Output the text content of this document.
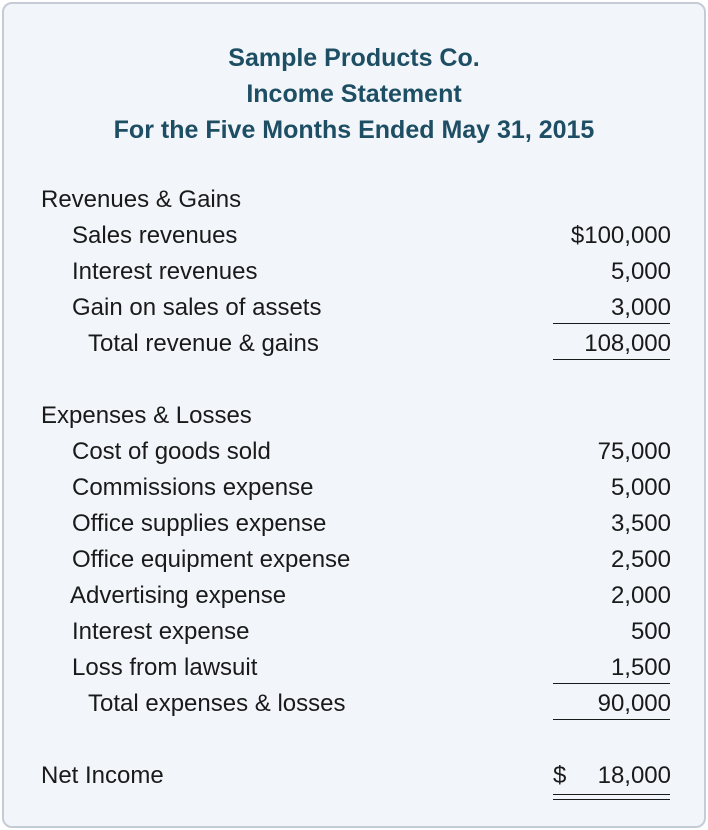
Sample Products Co.
Income Statement
For the Five Months Ended May 31, 2015
Revenues & Gains
Sales revenues	$100,000
Interest revenues	5,000
Gain on sales of assets	3,000
Total revenue & gains	108,000
Expenses & Losses
Cost of goods sold	75,000
Commissions expense	5,000
Office supplies expense	3,500
Office equipment expense	2,500
Advertising expense	2,000
Interest expense	500
Loss from lawsuit	1,500
Total expenses & losses	90,000
Net Income	$ 18,000
